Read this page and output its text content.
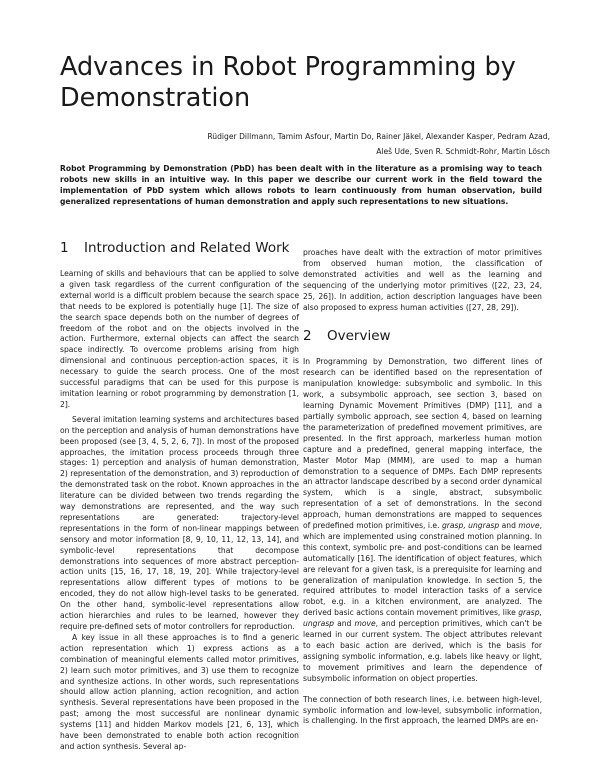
Advances in Robot Programming by Demonstration
Rüdiger Dillmann, Tamim Asfour, Martin Do, Rainer Jäkel, Alexander Kasper, Pedram Azad,
Aleš Ude, Sven R. Schmidt-Rohr, Martin Lösch

Robot Programming by Demonstration (PbD) has been dealt with in the literature as a promising way to teach robots new skills in an intuitive way. In this paper we describe our current work in the field toward the implementation of PbD system which allows robots to learn continuously from human observation, build generalized representations of human demonstration and apply such representations to new situations.

1 Introduction and Related Work

Learning of skills and behaviours that can be applied to solve a given task regardless of the current configuration of the external world is a difficult problem because the search space that needs to be explored is potentially huge [1]. The size of the search space depends both on the number of degrees of freedom of the robot and on the objects involved in the action. Furthermore, external objects can affect the search space indirectly. To overcome problems arising from high dimensional and continuous perception-action spaces, it is necessary to guide the search process. One of the most successful paradigms that can be used for this purpose is imitation learning or robot programming by demonstration [1, 2].

Several imitation learning systems and architectures based on the perception and analysis of human demonstrations have been proposed (see [3, 4, 5, 2, 6, 7]). In most of the proposed approaches, the imitation process proceeds through three stages: 1) perception and analysis of human demonstration, 2) representation of the demonstration, and 3) reproduction of the demonstrated task on the robot. Known approaches in the literature can be divided between two trends regarding the way demonstrations are represented, and the way such representations are generated: trajectory-level representations in the form of non-linear mappings between sensory and motor information [8, 9, 10, 11, 12, 13, 14], and symbolic-level representations that decompose demonstrations into sequences of more abstract perception-action units [15, 16, 17, 18, 19, 20]. While trajectory-level representations allow different types of motions to be encoded, they do not allow high-level tasks to be generated. On the other hand, symbolic-level representations allow action hierarchies and rules to be learned, however they require pre-defined sets of motor controllers for reproduction.

A key issue in all these approaches is to find a generic action representation which 1) express actions as a combination of meaningful elements called motor primitives, 2) learn such motor primitives, and 3) use them to recognize and synthesize actions. In other words, such representations should allow action planning, action recognition, and action synthesis. Several representations have been proposed in the past; among the most successful are nonlinear dynamic systems [11] and hidden Markov models [21, 6, 13], which have been demonstrated to enable both action recognition and action synthesis. Several ap-

proaches have dealt with the extraction of motor primitives from observed human motion, the classification of demonstrated activities and well as the learning and sequencing of the underlying motor primitives ([22, 23, 24, 25, 26]). In addition, action description languages have been also proposed to express human activities ([27, 28, 29]).

2 Overview

In Programming by Demonstration, two different lines of research can be identified based on the representation of manipulation knowledge: subsymbolic and symbolic. In this work, a subsymbolic approach, see section 3, based on learning Dynamic Movement Primitives (DMP) [11], and a partially symbolic approach, see section 4, based on learning the parameterization of predefined movement primitives, are presented. In the first approach, markerless human motion capture and a predefined, general mapping interface, the Master Motor Map (MMM), are used to map a human demonstration to a sequence of DMPs. Each DMP represents an attractor landscape described by a second order dynamical system, which is a single, abstract, subsymbolic representation of a set of demonstrations. In the second approach, human demonstrations are mapped to sequences of predefined motion primitives, i.e. grasp, ungrasp and move, which are implemented using constrained motion planning. In this context, symbolic pre- and post-conditions can be learned automatically [16]. The identification of object features, which are relevant for a given task, is a prerequisite for learning and generalization of manipulation knowledge. In section 5, the required attributes to model interaction tasks of a service robot, e.g. in a kitchen environment, are analyzed. The derived basic actions contain movement primitives, like grasp, ungrasp and move, and perception primitives, which can't be learned in our current system. The object attributes relevant to each basic action are derived, which is the basis for assigning symbolic information, e.g. labels like heavy or light, to movement primitives and learn the dependence of subsymbolic information on object properties.

The connection of both research lines, i.e. between high-level, symbolic information and low-level, subsymbolic information, is challenging. In the first approach, the learned DMPs are en-
